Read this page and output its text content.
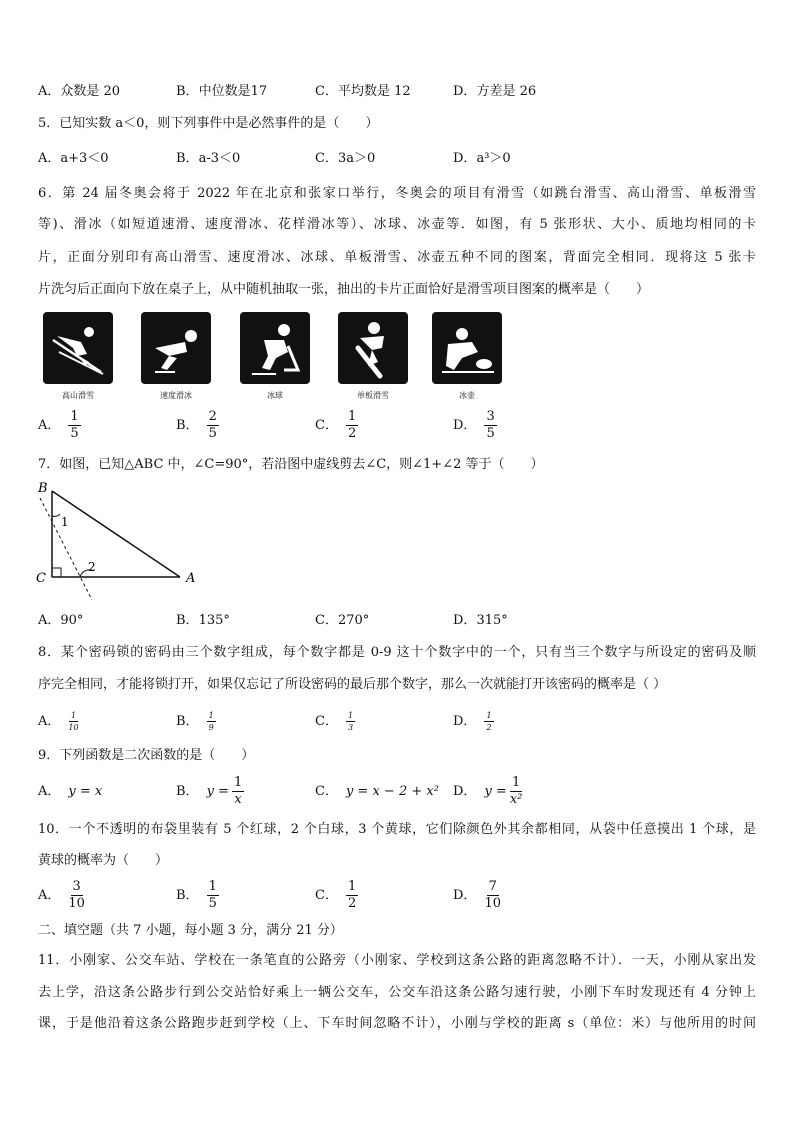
A．众数是 20	B．中位数是17	C．平均数是 12	D．方差是 26
5．已知实数 a＜0，则下列事件中是必然事件的是（　　）
A．a+3＜0	B．a-3＜0	C．3a＞0	D．a³＞0
6．第 24 届冬奥会将于 2022 年在北京和张家口举行，冬奥会的项目有滑雪（如跳台滑雪、高山滑雪、单板滑雪
等)、滑冰（如短道速滑、速度滑冰、花样滑冰等）、冰球、冰壶等．如图，有 5 张形状、大小、质地均相同的卡
片，正面分别印有高山滑雪、速度滑冰、冰球、单板滑雪、冰壶五种不同的图案，背面完全相同．现将这 5 张卡
片洗匀后正面向下放在桌子上，从中随机抽取一张，抽出的卡片正面恰好是滑雪项目图案的概率是（　　）
高山滑雪	速度滑冰	冰球	单板滑雪	冰壶
A． $\frac{1}{5}$	B． $\frac{2}{5}$	C． $\frac{1}{2}$	D． $\frac{3}{5}$
7．如图，已知△ABC 中，∠C=90°，若沿图中虚线剪去∠C，则∠1+∠2 等于（　　）
B
C	A
1
2
A．90°	B．135°	C．270°	D．315°
8．某个密码锁的密码由三个数字组成，每个数字都是 0-9 这十个数字中的一个，只有当三个数字与所设定的密码及顺
序完全相同，才能将锁打开，如果仅忘记了所设密码的最后那个数字，那么一次就能打开该密码的概率是（ ）
A． $\frac{1}{10}$	B． $\frac{1}{9}$	C． $\frac{1}{3}$	D． $\frac{1}{2}$
9．下列函数是二次函数的是（　　）
A． y = x	B． $y = \frac{1}{x}$	C． y = x − 2 + x² D． $y = \frac{1}{\text{x²}}$
10．一个不透明的布袋里装有 5 个红球，2 个白球，3 个黄球，它们除颜色外其余都相同，从袋中任意摸出 1 个球，是
黄球的概率为（　　）
A． $\frac{3}{10}$	B． $\frac{1}{5}$	C． $\frac{1}{2}$	D． $\frac{7}{10}$
二、填空题（共 7 小题，每小题 3 分，满分 21 分）
11．小刚家、公交车站、学校在一条笔直的公路旁（小刚家、学校到这条公路的距离忽略不计）．一天，小刚从家出发
去上学，沿这条公路步行到公交站恰好乘上一辆公交车，公交车沿这条公路匀速行驶，小刚下车时发现还有 4 分钟上
课，于是他沿着这条公路跑步赶到学校（上、下车时间忽略不计），小刚与学校的距离 s（单位：米）与他所用的时间
